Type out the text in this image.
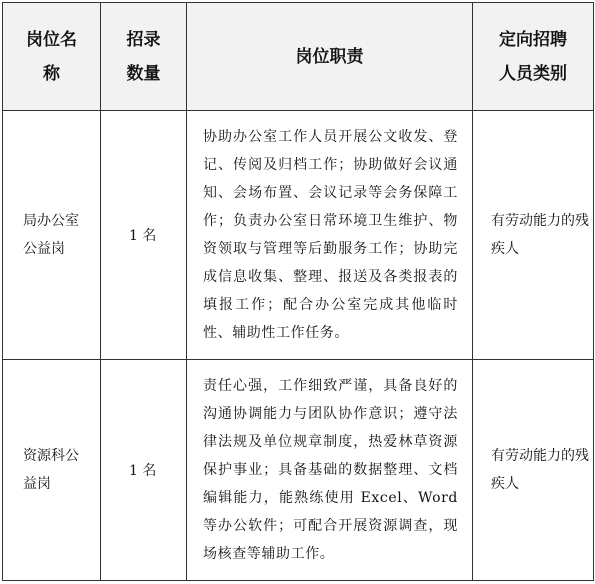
岗位名称	招录数量	岗位职责	定向招聘人员类别

局办公室公益岗	1 名	协助办公室工作人员开展公文收发、登记、传阅及归档工作；协助做好会议通知、会场布置、会议记录等会务保障工作；负责办公室日常环境卫生维护、物资领取与管理等后勤服务工作；协助完成信息收集、整理、报送及各类报表的填报工作；配合办公室完成其他临时性、辅助性工作任务。	有劳动能力的残疾人

资源科公益岗	1 名	责任心强，工作细致严谨，具备良好的沟通协调能力与团队协作意识；遵守法律法规及单位规章制度，热爱林草资源保护事业；具备基础的数据整理、文档编辑能力，能熟练使用 Excel、Word 等办公软件；可配合开展资源调查，现场核查等辅助工作。	有劳动能力的残疾人
